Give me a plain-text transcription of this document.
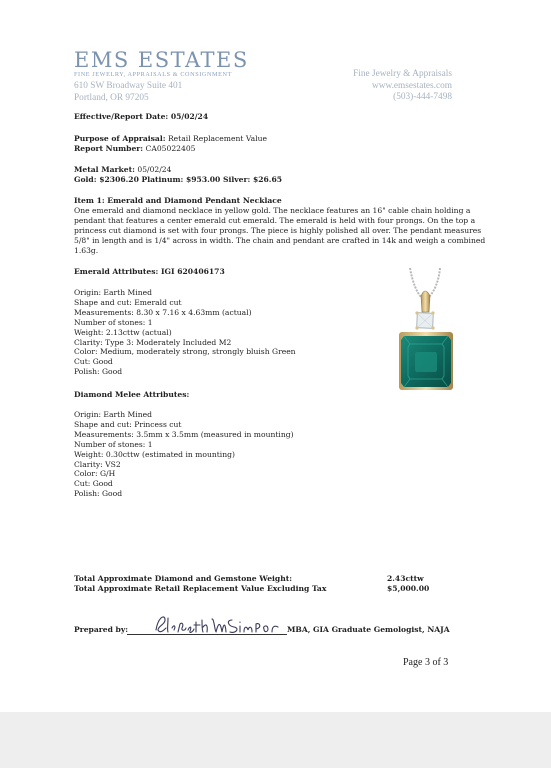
EMS ESTATES
FINE JEWELRY, APPRAISALS & CONSIGNMENT
610 SW Broadway Suite 401
Portland, OR 97205
Fine Jewelry & Appraisals
www.emsestates.com
(503)-444-7498
Effective/Report Date: 05/02/24
Purpose of Appraisal: Retail Replacement Value
Report Number: CA05022405
Metal Market: 05/02/24
Gold: $2306.20 Platinum: $953.00 Silver: $26.65
Item 1: Emerald and Diamond Pendant Necklace
One emerald and diamond necklace in yellow gold. The necklace features an 16" cable chain holding a
pendant that features a center emerald cut emerald. The emerald is held with four prongs. On the top a
princess cut diamond is set with four prongs. The piece is highly polished all over. The pendant measures
5/8" in length and is 1/4" across in width. The chain and pendant are crafted in 14k and weigh a combined
1.63g.
Emerald Attributes: IGI 620406173
Origin: Earth Mined
Shape and cut: Emerald cut
Measurements: 8.30 x 7.16 x 4.63mm (actual)
Number of stones: 1
Weight: 2.13cttw (actual)
Clarity: Type 3: Moderately Included M2
Color: Medium, moderately strong, strongly bluish Green
Cut: Good
Polish: Good
Diamond Melee Attributes:
Origin: Earth Mined
Shape and cut: Princess cut
Measurements: 3.5mm x 3.5mm (measured in mounting)
Number of stones: 1
Weight: 0.30cttw (estimated in mounting)
Clarity: VS2
Color: G/H
Cut: Good
Polish: Good
Total Approximate Diamond and Gemstone Weight:	2.43cttw
Total Approximate Retail Replacement Value Excluding Tax	$5,000.00
Prepared by:	MBA, GIA Graduate Gemologist, NAJA
Page 3 of 3
